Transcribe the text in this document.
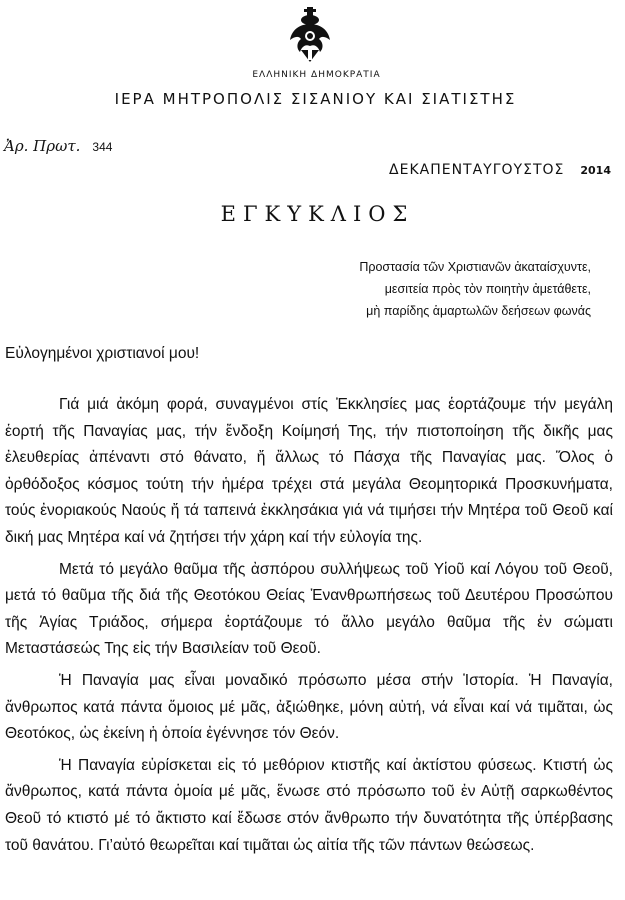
ΕΛΛΗΝΙΚΗ ΔΗΜΟΚΡΑΤΙΑ
ΙΕΡΑ ΜΗΤΡΟΠΟΛΙΣ ΣΙΣΑΝΙΟΥ ΚΑΙ ΣΙΑΤΙΣΤΗΣ
Ἀρ. Πρωτ. 344
ΔΕΚΑΠΕΝΤΑΥΓΟΥΣΤΟΣ 2014
ΕΓΚΥΚΛΙΟΣ
Προστασία τῶν Χριστιανῶν ἀκαταίσχυντε,
μεσιτεία πρὸς τὸν ποιητὴν ἀμετάθετε,
μὴ παρίδης ἁμαρτωλῶν δεήσεων φωνάς
Εὐλογημένοι χριστιανοί μου!

Γιά μιά ἀκόμη φορά, συναγμένοι στίς Ἐκκλησίες μας ἑορτάζουμε τήν μεγάλη ἑορτή τῆς Παναγίας μας, τήν ἔνδοξη Κοίμησή Της, τήν πιστοποίηση τῆς δικῆς μας ἐλευθερίας ἀπέναντι στό θάνατο, ἤ ἄλλως τό Πάσχα τῆς Παναγίας μας. Ὅλος ὁ ὀρθόδοξος κόσμος τούτη τήν ἡμέρα τρέχει στά μεγάλα Θεομητορικά Προσκυνήματα, τούς ἐνοριακούς Ναούς ἤ τά ταπεινά ἐκκλησάκια γιά νά τιμήσει τήν Μητέρα τοῦ Θεοῦ καί δική μας Μητέρα καί νά ζητήσει τήν χάρη καί τήν εὐλογία της.

Μετά τό μεγάλο θαῦμα τῆς ἀσπόρου συλλήψεως τοῦ Υἱοῦ καί Λόγου τοῦ Θεοῦ, μετά τό θαῦμα τῆς διά τῆς Θεοτόκου Θείας Ἐνανθρωπήσεως τοῦ Δευτέρου Προσώπου τῆς Ἁγίας Τριάδος, σήμερα ἑορτάζουμε τό ἄλλο μεγάλο θαῦμα τῆς ἐν σώματι Μεταστάσεώς Της εἰς τήν Βασιλείαν τοῦ Θεοῦ.

Ἡ Παναγία μας εἶναι μοναδικό πρόσωπο μέσα στήν Ἱστορία. Ἡ Παναγία, ἄνθρωπος κατά πάντα ὅμοιος μέ μᾶς, ἀξιώθηκε, μόνη αὐτή, νά εἶναι καί νά τιμᾶται, ὡς Θεοτόκος, ὡς ἐκείνη ἡ ὁποία ἐγέννησε τόν Θεόν.

Ἡ Παναγία εὑρίσκεται εἰς τό μεθόριον κτιστῆς καί ἀκτίστου φύσεως. Κτιστή ὡς ἄνθρωπος, κατά πάντα ὁμοία μέ μᾶς, ἕνωσε στό πρόσωπο τοῦ ἐν Αὐτῇ σαρκωθέντος Θεοῦ τό κτιστό μέ τό ἄκτιστο καί ἔδωσε στόν ἄνθρωπο τήν δυνατότητα τῆς ὑπέρβασης τοῦ θανάτου. Γι’αὐτό θεωρεῖται καί τιμᾶται ὡς αἰτία τῆς τῶν πάντων θεώσεως.
